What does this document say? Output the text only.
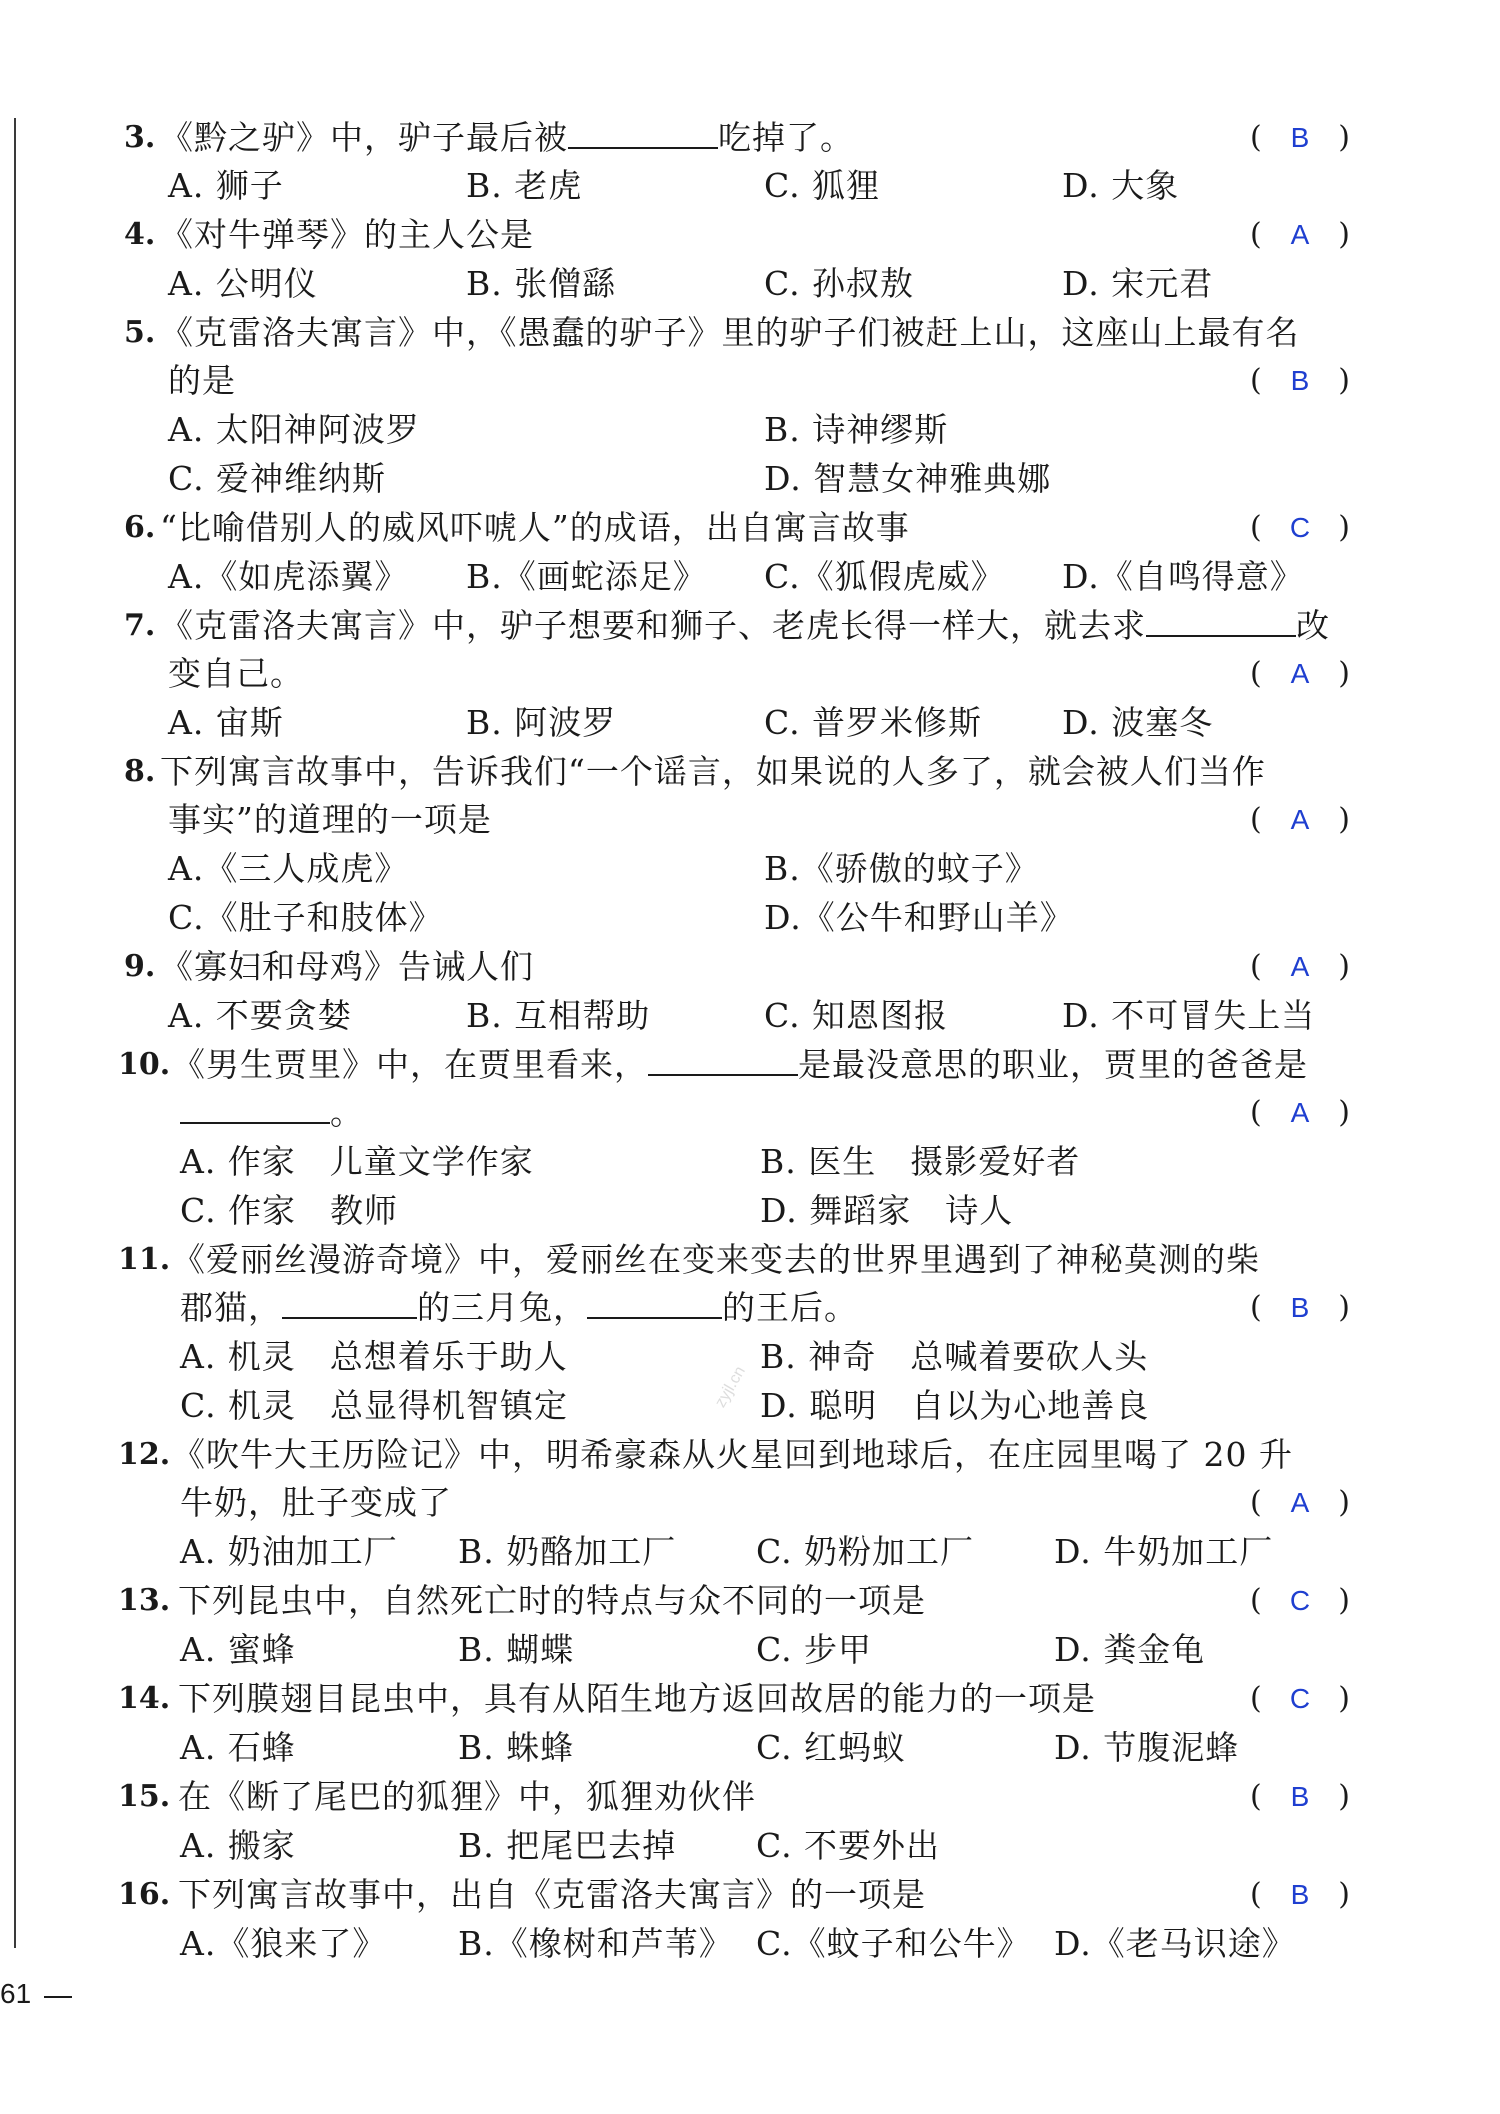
3. 《黔之驴》中，驴子最后被	吃掉了。	(	B )
A. 狮子	B. 老虎	C. 狐狸	D. 大象
4. 《对牛弹琴》的主人公是	(	A )
A. 公明仪	B. 张僧繇	C. 孙叔敖	D. 宋元君
5. 《克雷洛夫寓言》中，《愚蠢的驴子》里的驴子们被赶上山，这座山上最有名
的是	(	B )
A. 太阳神阿波罗	B. 诗神缪斯
C. 爱神维纳斯	D. 智慧女神雅典娜
6. “比喻借别人的威风吓唬人”的成语，出自寓言故事	(	C )
A.《如虎添翼》 B.《画蛇添足》 C.《狐假虎威》 D.《自鸣得意》
7. 《克雷洛夫寓言》中，驴子想要和狮子、老虎长得一样大，就去求	改
变自己。	(	A )
A. 宙斯	B. 阿波罗	C. 普罗米修斯 D. 波塞冬
8. 下列寓言故事中，告诉我们“一个谣言，如果说的人多了，就会被人们当作
事实”的道理的一项是	(	A )
A.《三人成虎》	B.《骄傲的蚊子》
C.《肚子和肢体》	D.《公牛和野山羊》
9. 《寡妇和母鸡》告诫人们	(	A )
A. 不要贪婪	B. 互相帮助	C. 知恩图报	D. 不可冒失上当
10. 《男生贾里》中，在贾里看来，	是最没意思的职业，贾里的爸爸是
。	(	A )
A. 作家　儿童文学作家	B. 医生　摄影爱好者
C. 作家　教师	D. 舞蹈家　诗人
11. 《爱丽丝漫游奇境》中，爱丽丝在变来变去的世界里遇到了神秘莫测的柴
郡猫，	的三月兔，	的王后。	(	B )
A. 机灵　总想着乐于助人	B. 神奇　总喊着要砍人头
C. 机灵　总显得机智镇定	D. 聪明　自以为心地善良
12. 《吹牛大王历险记》中，明希豪森从火星回到地球后，在庄园里喝了 20 升
牛奶，肚子变成了	(	A )
A. 奶油加工厂 B. 奶酪加工厂 C. 奶粉加工厂 D. 牛奶加工厂
13. 下列昆虫中，自然死亡时的特点与众不同的一项是	(	C )
A. 蜜蜂	B. 蝴蝶	C. 步甲	D. 粪金龟
14. 下列膜翅目昆虫中，具有从陌生地方返回故居的能力的一项是	(	C )
A. 石蜂	B. 蛛蜂	C. 红蚂蚁	D. 节腹泥蜂
15. 在《断了尾巴的狐狸》中，狐狸劝伙伴	(	B )
A. 搬家	B. 把尾巴去掉 C. 不要外出
16. 下列寓言故事中，出自《克雷洛夫寓言》的一项是	(	B )
A.《狼来了》 B.《橡树和芦苇》 C.《蚊子和公牛》 D.《老马识途》
zyjl.cn
61
